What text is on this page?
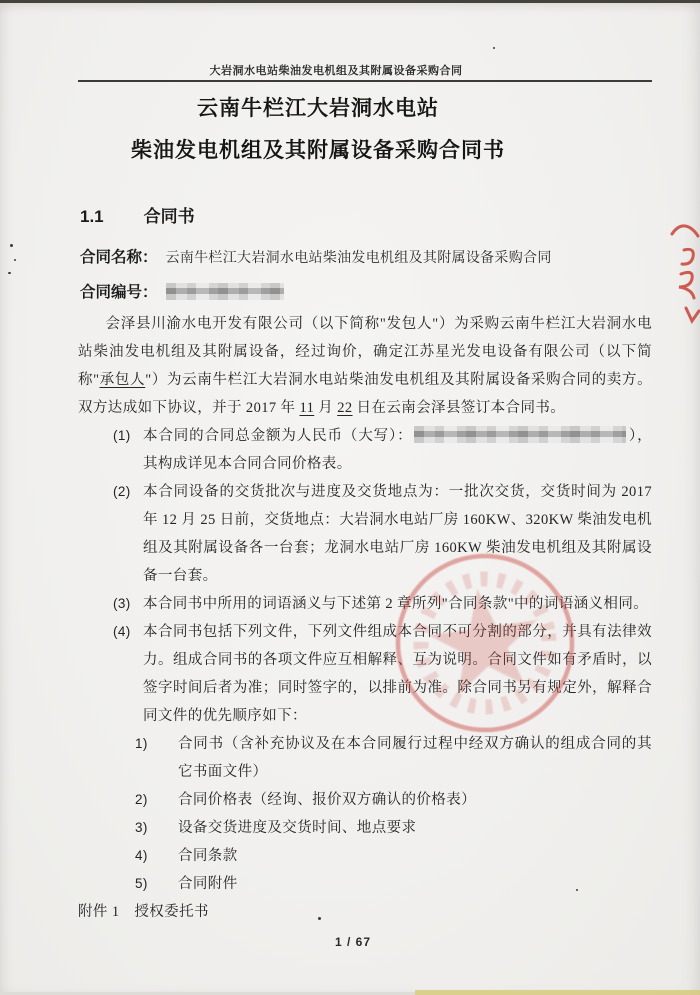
大岩洞水电站柴油发电机组及其附属设备采购合同
云南牛栏江大岩洞水电站
柴油发电机组及其附属设备采购合同书
1.1 合同书
合同名称： 云南牛栏江大岩洞水电站柴油发电机组及其附属设备采购合同
合同编号：

会泽县川渝水电开发有限公司（以下简称"发包人"）为采购云南牛栏江大岩洞水电站柴油发电机组及其附属设备，经过询价，确定江苏星光发电设备有限公司（以下简称"承包人"）为云南牛栏江大岩洞水电站柴油发电机组及其附属设备采购合同的卖方。双方达成如下协议，并于 2017 年 11 月 22 日在云南会泽县签订本合同书。

(1) 本合同的合同总金额为人民币（大写）：	），其构成详见本合同合同价格表。
(2) 本合同设备的交货批次与进度及交货地点为：一批次交货，交货时间为 2017 年 12 月 25 日前，交货地点：大岩洞水电站厂房 160KW、320KW 柴油发电机组及其附属设备各一台套；龙洞水电站厂房 160KW 柴油发电机组及其附属设备一台套。
(3) 本合同书中所用的词语涵义与下述第 2 章所列"合同条款"中的词语涵义相同。
(4) 本合同书包括下列文件，下列文件组成本合同不可分割的部分，并具有法律效力。组成合同书的各项文件应互相解释、互为说明。合同文件如有矛盾时，以签字时间后者为准；同时签字的，以排前为准。除合同书另有规定外，解释合同文件的优先顺序如下：
1)	合同书（含补充协议及在本合同履行过程中经双方确认的组成合同的其它书面文件）
2)	合同价格表（经询、报价双方确认的价格表）
3)	设备交货进度及交货时间、地点要求
4)	合同条款
5)	合同附件

附件 1　授权委托书

1 / 67
